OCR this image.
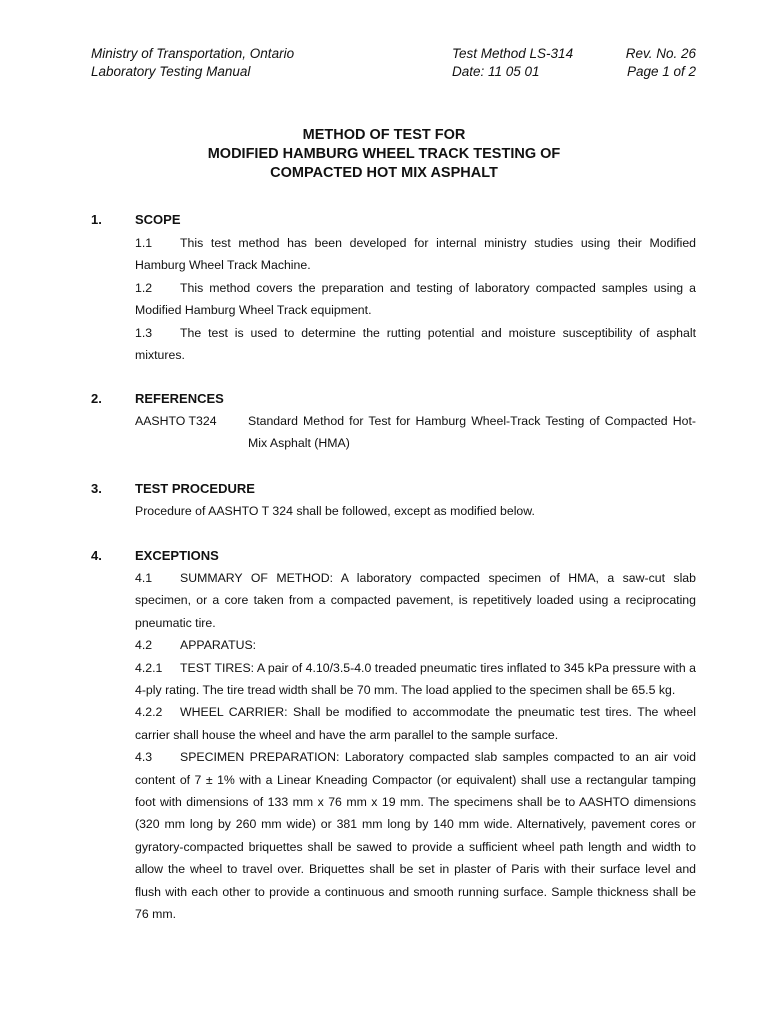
Ministry of Transportation, Ontario
Laboratory Testing Manual
Test Method LS-314
Date: 11 05 01
Rev. No. 26
Page 1 of 2
METHOD OF TEST FOR
MODIFIED HAMBURG WHEEL TRACK TESTING OF
COMPACTED HOT MIX ASPHALT
1.	SCOPE

1.1 This test method has been developed for internal ministry studies using their Modified Hamburg Wheel Track Machine.

1.2 This method covers the preparation and testing of laboratory compacted samples using a Modified Hamburg Wheel Track equipment.

1.3 The test is used to determine the rutting potential and moisture susceptibility of asphalt mixtures.

2.	REFERENCES
AASHTO T324	Standard Method for Test for Hamburg Wheel-Track Testing of Compacted Hot-Mix Asphalt (HMA)
3.	TEST PROCEDURE

Procedure of AASHTO T 324 shall be followed, except as modified below.

4.	EXCEPTIONS

4.1 SUMMARY OF METHOD: A laboratory compacted specimen of HMA, a saw-cut slab specimen, or a core taken from a compacted pavement, is repetitively loaded using a reciprocating pneumatic tire.

4.2 APPARATUS:

4.2.1 TEST TIRES: A pair of 4.10/3.5-4.0 treaded pneumatic tires inflated to 345 kPa pressure with a 4-ply rating. The tire tread width shall be 70 mm. The load applied to the specimen shall be 65.5 kg.

4.2.2 WHEEL CARRIER: Shall be modified to accommodate the pneumatic test tires. The wheel carrier shall house the wheel and have the arm parallel to the sample surface.

4.3 SPECIMEN PREPARATION: Laboratory compacted slab samples compacted to an air void content of 7 ± 1% with a Linear Kneading Compactor (or equivalent) shall use a rectangular tamping foot with dimensions of 133 mm x 76 mm x 19 mm. The specimens shall be to AASHTO dimensions (320 mm long by 260 mm wide) or 381 mm long by 140 mm wide. Alternatively, pavement cores or gyratory-compacted briquettes shall be sawed to provide a sufficient wheel path length and width to allow the wheel to travel over. Briquettes shall be set in plaster of Paris with their surface level and flush with each other to provide a continuous and smooth running surface. Sample thickness shall be 76 mm.
